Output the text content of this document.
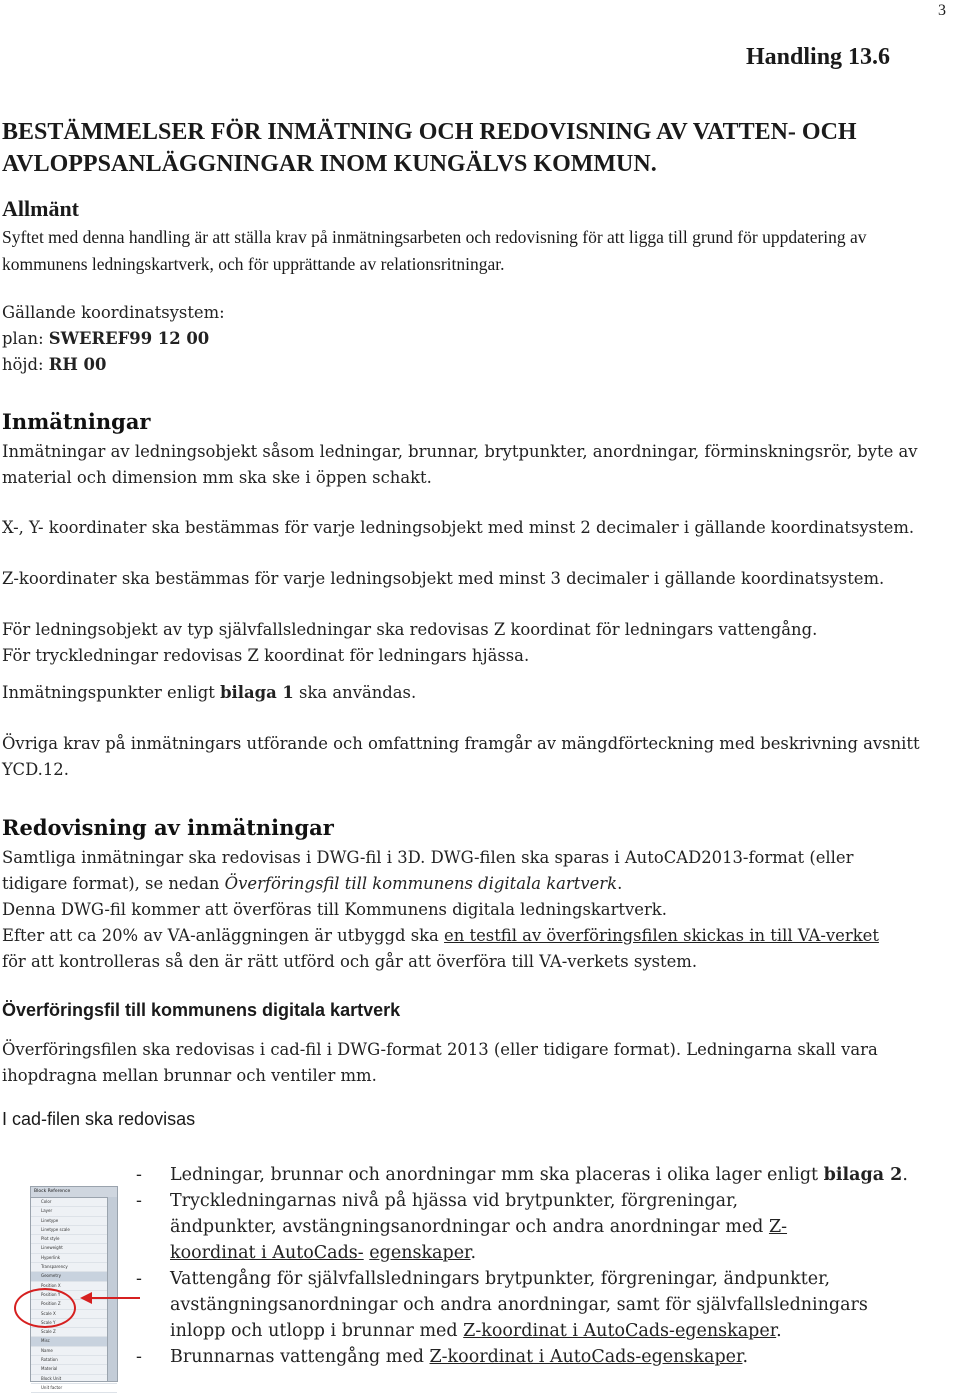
3
Handling 13.6
BESTÄMMELSER FÖR INMÄTNING OCH REDOVISNING AV VATTEN- OCH AVLOPPSANLÄGGNINGAR INOM KUNGÄLVS KOMMUN.
Allmänt
Syftet med denna handling är att ställa krav på inmätningsarbeten och redovisning för att ligga till grund för uppdatering av kommunens ledningskartverk, och för upprättande av relationsritningar.
Gällande koordinatsystem:
plan: SWEREF99 12 00
höjd: RH 00
Inmätningar
Inmätningar av ledningsobjekt såsom ledningar, brunnar, brytpunkter, anordningar, förminskningsrör, byte av material och dimension mm ska ske i öppen schakt.
X-, Y- koordinater ska bestämmas för varje ledningsobjekt med minst 2 decimaler i gällande koordinatsystem.
Z-koordinater ska bestämmas för varje ledningsobjekt med minst 3 decimaler i gällande koordinatsystem.
För ledningsobjekt av typ självfallsledningar ska redovisas Z koordinat för ledningars vattengång.
För tryckledningar redovisas Z koordinat för ledningars hjässa.
Inmätningspunkter enligt bilaga 1 ska användas.
Övriga krav på inmätningars utförande och omfattning framgår av mängdförteckning med beskrivning avsnitt YCD.12.
Redovisning av inmätningar
Samtliga inmätningar ska redovisas i DWG-fil i 3D. DWG-filen ska sparas i AutoCAD2013-format (eller
tidigare format), se nedan Överföringsfil till kommunens digitala kartverk.
Denna DWG-fil kommer att överföras till Kommunens digitala ledningskartverk.
Efter att ca 20% av VA-anläggningen är utbyggd ska en testfil av överföringsfilen skickas in till VA-verket
för att kontrolleras så den är rätt utförd och går att överföra till VA-verkets system.
Överföringsfil till kommunens digitala kartverk
Överföringsfilen ska redovisas i cad-fil i DWG-format 2013 (eller tidigare format). Ledningarna skall vara ihopdragna mellan brunnar och ventiler mm.
I cad-filen ska redovisas
Block Reference
Color
Layer
Linetype
Linetype scale
Plot style
Lineweight
Hyperlink
Transparency
Geometry
Position X
Position Y
Position Z
Scale X
Scale Y
Scale Z
Misc
Name
Rotation
Material
Block Unit
Unit factor
- Ledningar, brunnar och anordningar mm ska placeras i olika lager enligt bilaga 2.
- Tryckledningarnas nivå på hjässa vid brytpunkter, förgreningar, ändpunkter, avstängningsanordningar och andra anordningar med Z-koordinat i AutoCads- egenskaper.
- Vattengång för självfallsledningars brytpunkter, förgreningar, ändpunkter, avstängningsanordningar och andra anordningar, samt för självfallsledningars inlopp och utlopp i brunnar med Z-koordinat i AutoCads-egenskaper.
- Brunnarnas vattengång med Z-koordinat i AutoCads-egenskaper.
